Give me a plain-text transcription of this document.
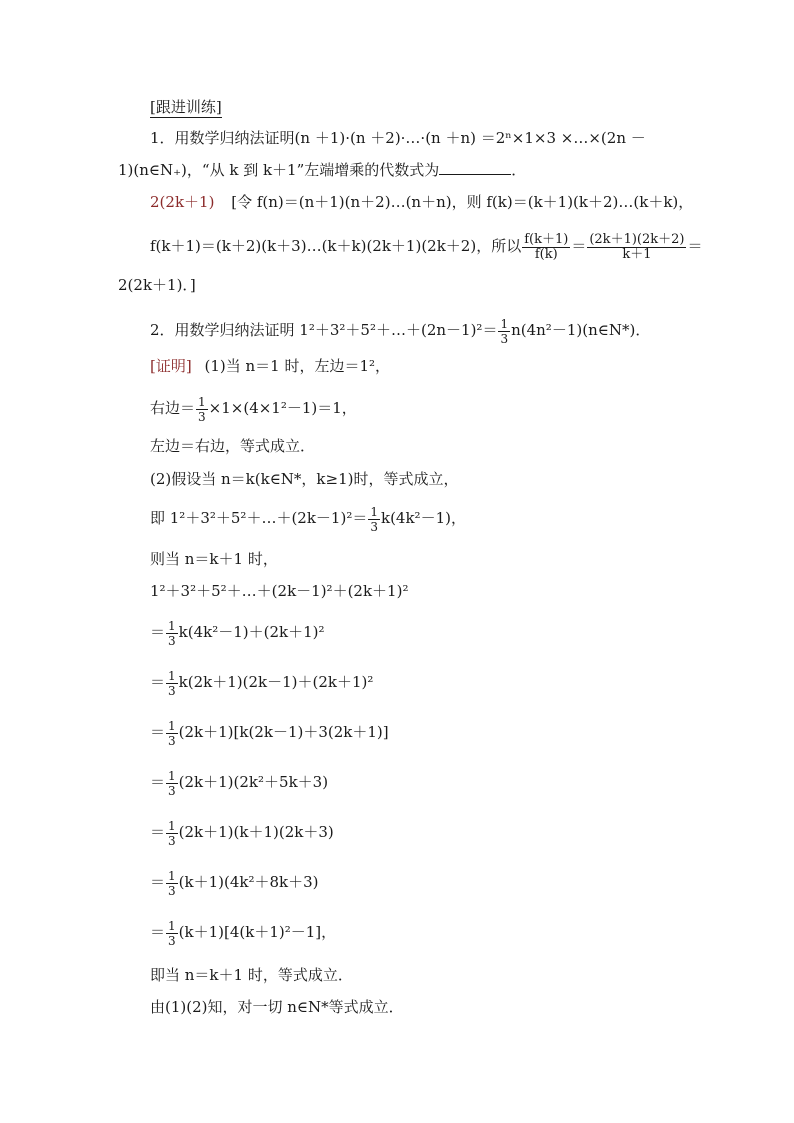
[跟进训练]
1．用数学归纳法证明(n ＋1)·(n ＋2)·…·(n ＋n) ＝2ⁿ×1×3 ×…×(2n －
1)(n∈N₊)，“从 k 到 k＋1”左端增乘的代数式为	．
2(2k＋1) [令 f(n)＝(n＋1)(n＋2)…(n＋n)，则 f(k)＝(k＋1)(k＋2)…(k＋k)，
f(k＋1)＝(k＋2)(k＋3)…(k＋k)(2k＋1)(2k＋2)，所以 $\frac{f(k+1)}{f(k)} = \frac{(2k+1)(2k+2)}{k+1}$ ＝
2(2k＋1)．]
2．用数学归纳法证明 1²＋3²＋5²＋…＋(2n－1)²＝ $\frac{1}{3}$ n(4n²－1)(n∈N*)．
[证明] (1)当 n＝1 时，左边＝1²，
右边＝ $\frac{1}{3} \times 1\times(4\times 1^2-1)=1$，
左边＝右边，等式成立．
(2)假设当 n＝k(k∈N*，k≥1)时，等式成立，
即 1²＋3²＋5²＋…＋(2k－1)²＝ $\frac{1}{3} k(4k^2-1)$，
则当 n＝k＋1 时，
1²＋3²＋5²＋…＋(2k－1)²＋(2k＋1)²
＝ $\frac{1}{3} k(4k^2-1)+(2k+1)^2$
＝ $\frac{1}{3} k(2k+1)(2k-1)+(2k+1)^2$
＝ $\frac{1}{3} (2k+1)[k(2k-1)+3(2k+1)]$
＝ $\frac{1}{3} (2k+1)(2k^2+5k+3)$
＝ $\frac{1}{3} (2k+1)(k+1)(2k+3)$
＝ $\frac{1}{3} (k+1)(4k^2+8k+3)$
＝ $\frac{1}{3} (k+1)[4(k+1)^2-1]$，
即当 n＝k＋1 时，等式成立．
由(1)(2)知，对一切 n∈N*等式成立．
